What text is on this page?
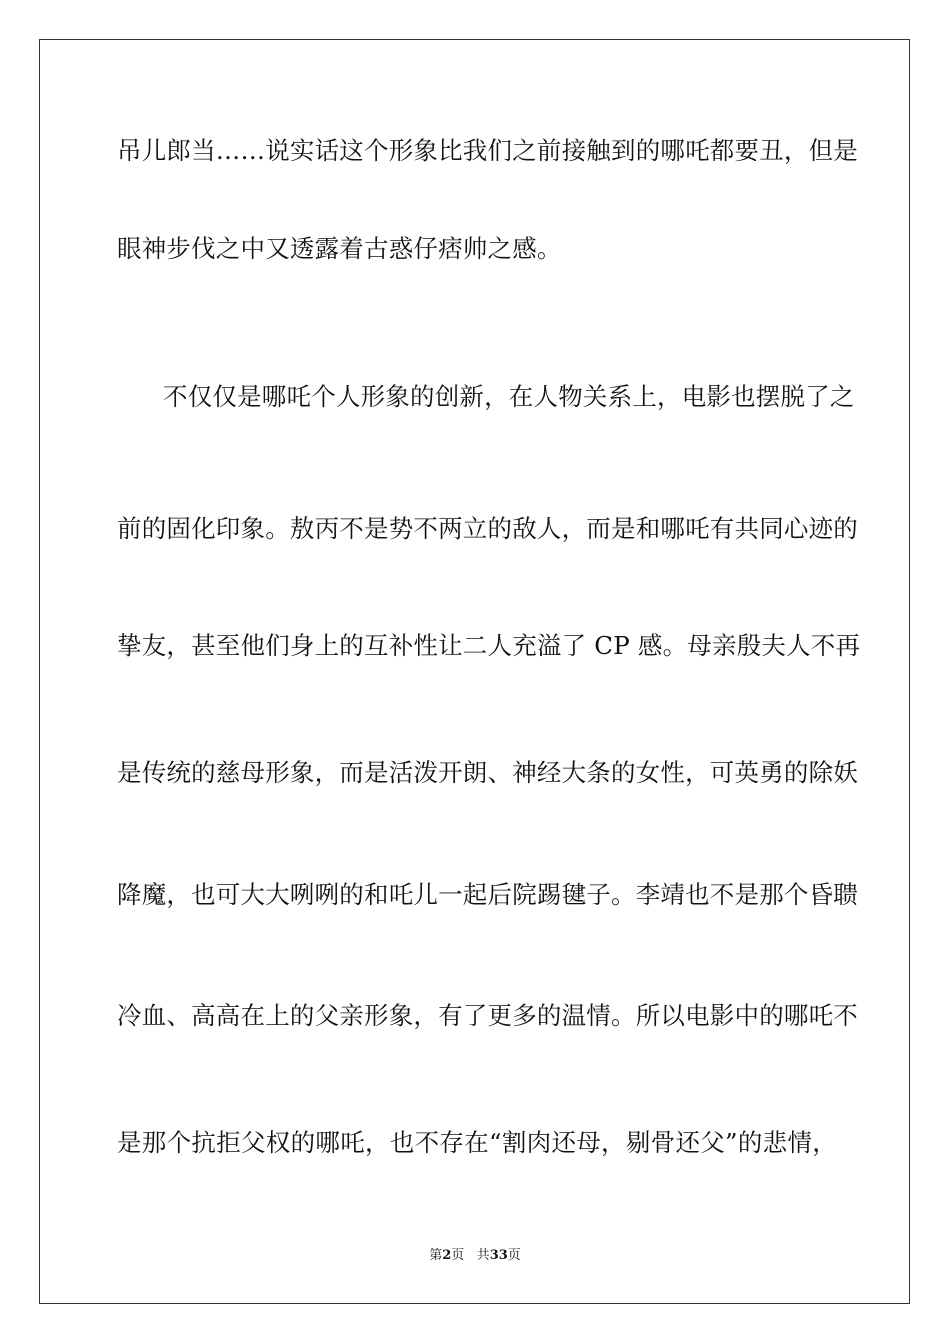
吊儿郎当……说实话这个形象比我们之前接触到的哪吒都要丑，但是
眼神步伐之中又透露着古惑仔痞帅之感。
不仅仅是哪吒个人形象的创新，在人物关系上，电影也摆脱了之
前的固化印象。敖丙不是势不两立的敌人，而是和哪吒有共同心迹的
挚友，甚至他们身上的互补性让二人充溢了 CP 感。母亲殷夫人不再
是传统的慈母形象，而是活泼开朗、神经大条的女性，可英勇的除妖
降魔，也可大大咧咧的和吒儿一起后院踢毽子。李靖也不是那个昏聩
冷血、高高在上的父亲形象，有了更多的温情。所以电影中的哪吒不
是那个抗拒父权的哪吒，也不存在“割肉还母，剔骨还父”的悲情，
第2页 共33页
